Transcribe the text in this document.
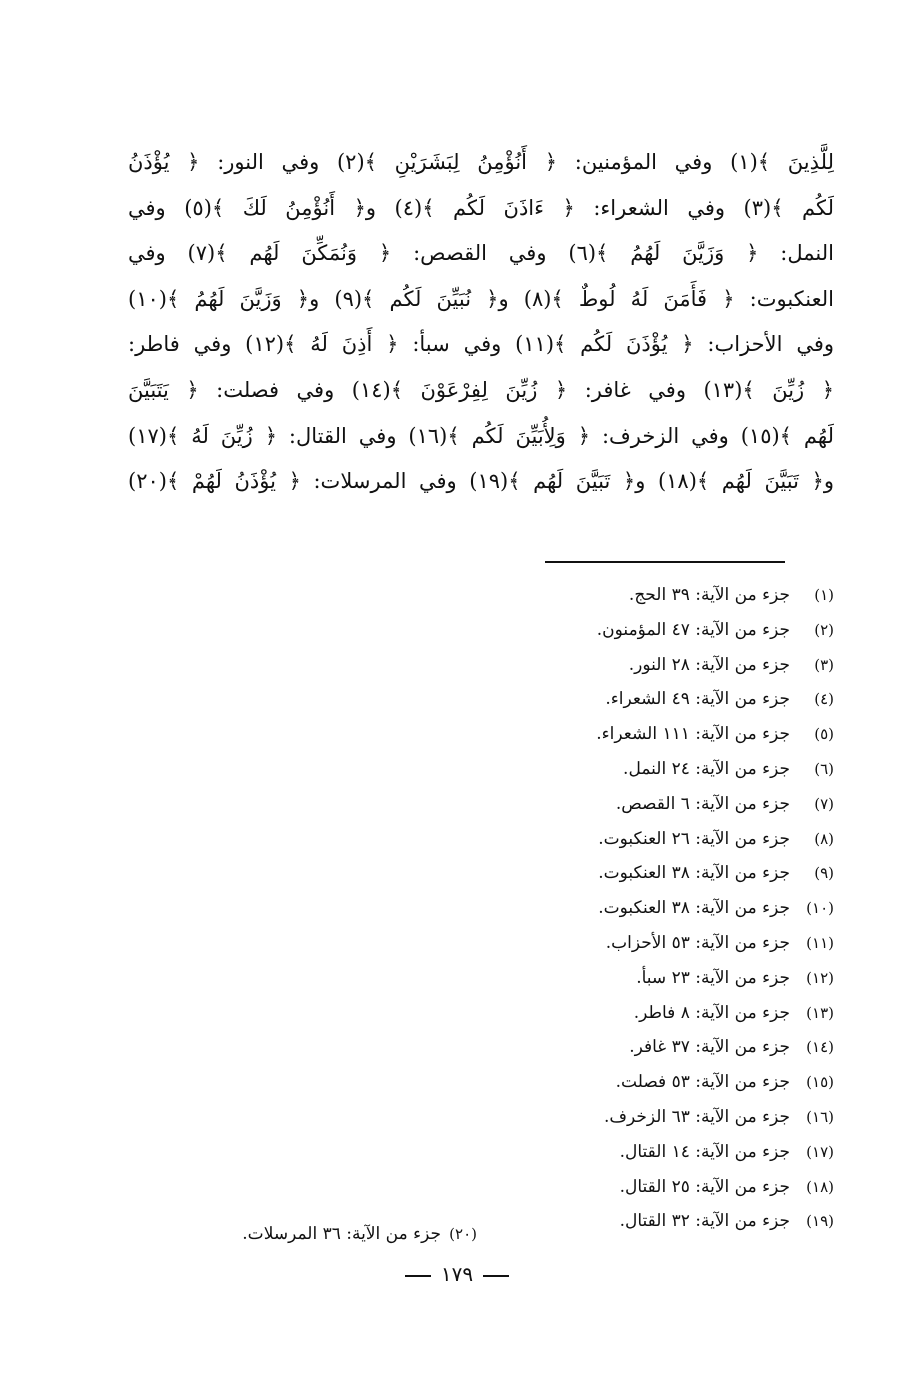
لِلَّذِينَ ﴾(١) وفي المؤمنين: ﴿ أَنُؤْمِنُ لِبَشَرَيْنِ ﴾(٢) وفي النور: ﴿ يُؤْذَنُ
لَكُم ﴾(٣) وفي الشعراء: ﴿ ءَاذَنَ لَكُم ﴾(٤) و﴿ أَنُؤْمِنُ لَكَ ﴾(٥) وفي
النمل: ﴿ وَزَيَّنَ لَهُمُ ﴾(٦) وفي القصص: ﴿ وَنُمَكِّنَ لَهُم ﴾(٧) وفي
العنكبوت: ﴿ فَأَمَنَ لَهُ لُوطٌ ﴾(٨) و﴿ نُبَيِّنَ لَكُم ﴾(٩) و﴿ وَزَيَّنَ لَهُمُ ﴾(١٠)
وفي الأحزاب: ﴿ يُؤْذَنَ لَكُم ﴾(١١) وفي سبأ: ﴿ أَذِنَ لَهُ ﴾(١٢) وفي فاطر:
﴿ زُيِّنَ ﴾(١٣) وفي غافر: ﴿ زُيِّنَ لِفِرْعَوْنَ ﴾(١٤) وفي فصلت: ﴿ يَتَبَيَّنَ
لَهُم ﴾(١٥) وفي الزخرف: ﴿ وَلِأُبَيِّنَ لَكُم ﴾(١٦) وفي القتال: ﴿ زُيِّنَ لَهُ ﴾(١٧)
و﴿ تَبَيَّنَ لَهُم ﴾(١٨) و﴿ تَبَيَّنَ لَهُم ﴾(١٩) وفي المرسلات: ﴿ يُؤْذَنُ لَهُمْ ﴾(٢٠)
(١)جزء من الآية: ٣٩ الحج.
(٢)جزء من الآية: ٤٧ المؤمنون.
(٣)جزء من الآية: ٢٨ النور.
(٤)جزء من الآية: ٤٩ الشعراء.
(٥)جزء من الآية: ١١١ الشعراء.
(٦)جزء من الآية: ٢٤ النمل.
(٧)جزء من الآية: ٦ القصص.
(٨)جزء من الآية: ٢٦ العنكبوت.
(٩)جزء من الآية: ٣٨ العنكبوت.
(١٠)جزء من الآية: ٣٨ العنكبوت.
(١١)جزء من الآية: ٥٣ الأحزاب.
(١٢)جزء من الآية: ٢٣ سبأ.
(١٣)جزء من الآية: ٨ فاطر.
(١٤)جزء من الآية: ٣٧ غافر.
(١٥)جزء من الآية: ٥٣ فصلت.
(١٦)جزء من الآية: ٦٣ الزخرف.
(١٧)جزء من الآية: ١٤ القتال.
(١٨)جزء من الآية: ٢٥ القتال.
(١٩)جزء من الآية: ٣٢ القتال.
(٢٠)جزء من الآية: ٣٦ المرسلات.
١٧٩
